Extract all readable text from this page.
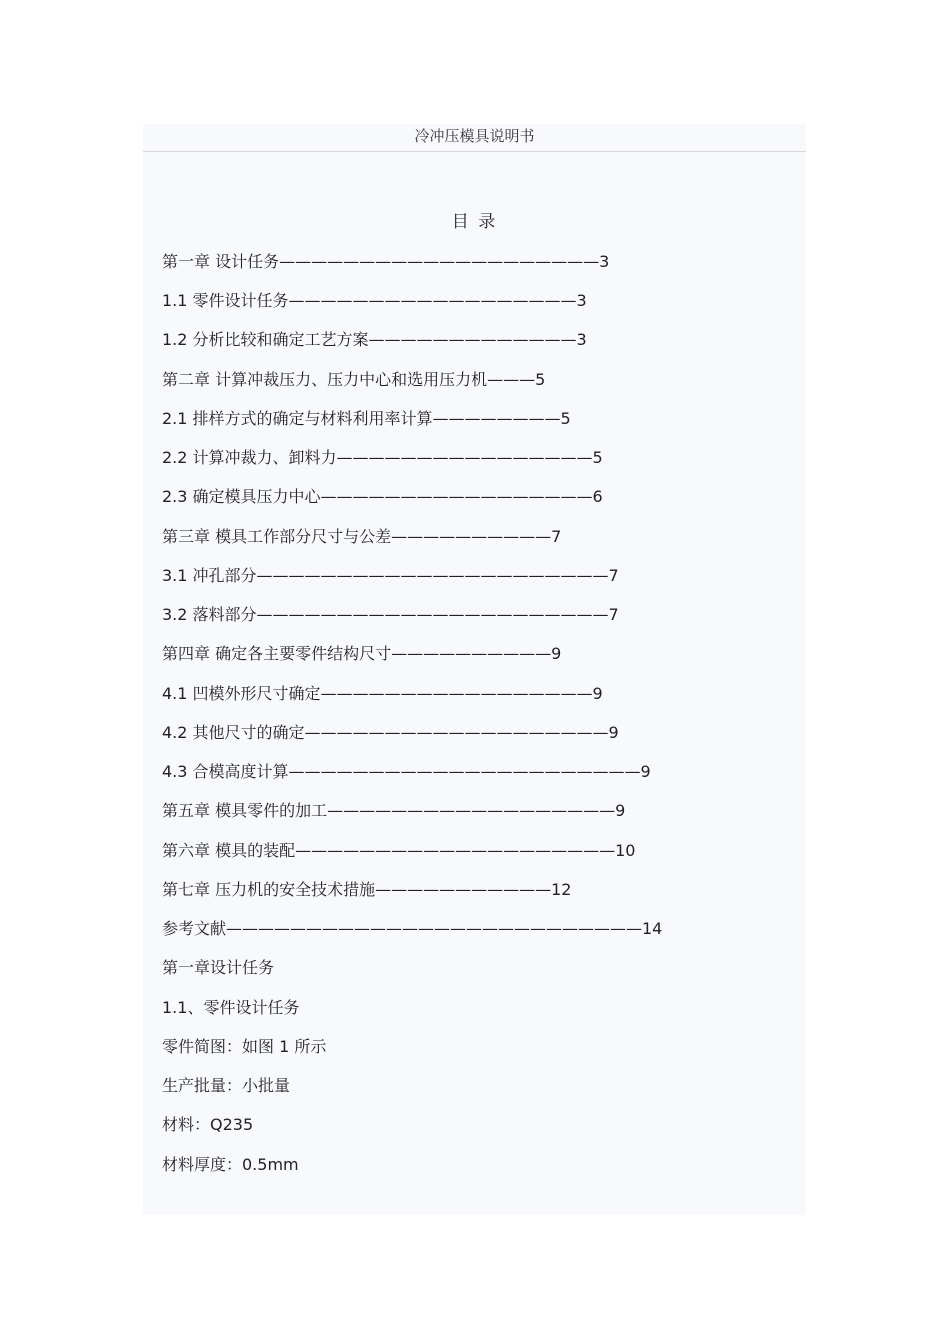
冷冲压模具说明书
目 录
第一章 设计任务————————————————————3
1.1 零件设计任务——————————————————3
1.2 分析比较和确定工艺方案—————————————3
第二章 计算冲裁压力、压力中心和选用压力机———5
2.1 排样方式的确定与材料利用率计算————————5
2.2 计算冲裁力、卸料力————————————————5
2.3 确定模具压力中心—————————————————6
第三章 模具工作部分尺寸与公差——————————7
3.1 冲孔部分——————————————————————7
3.2 落料部分——————————————————————7
第四章 确定各主要零件结构尺寸——————————9
4.1 凹模外形尺寸确定—————————————————9
4.2 其他尺寸的确定———————————————————9
4.3 合模高度计算——————————————————————9
第五章 模具零件的加工——————————————————9
第六章 模具的装配————————————————————10
第七章 压力机的安全技术措施———————————12
参考文献——————————————————————————14
第一章设计任务
1.1、零件设计任务
零件简图：如图 1 所示
生产批量：小批量
材料：Q235
材料厚度：0.5mm
